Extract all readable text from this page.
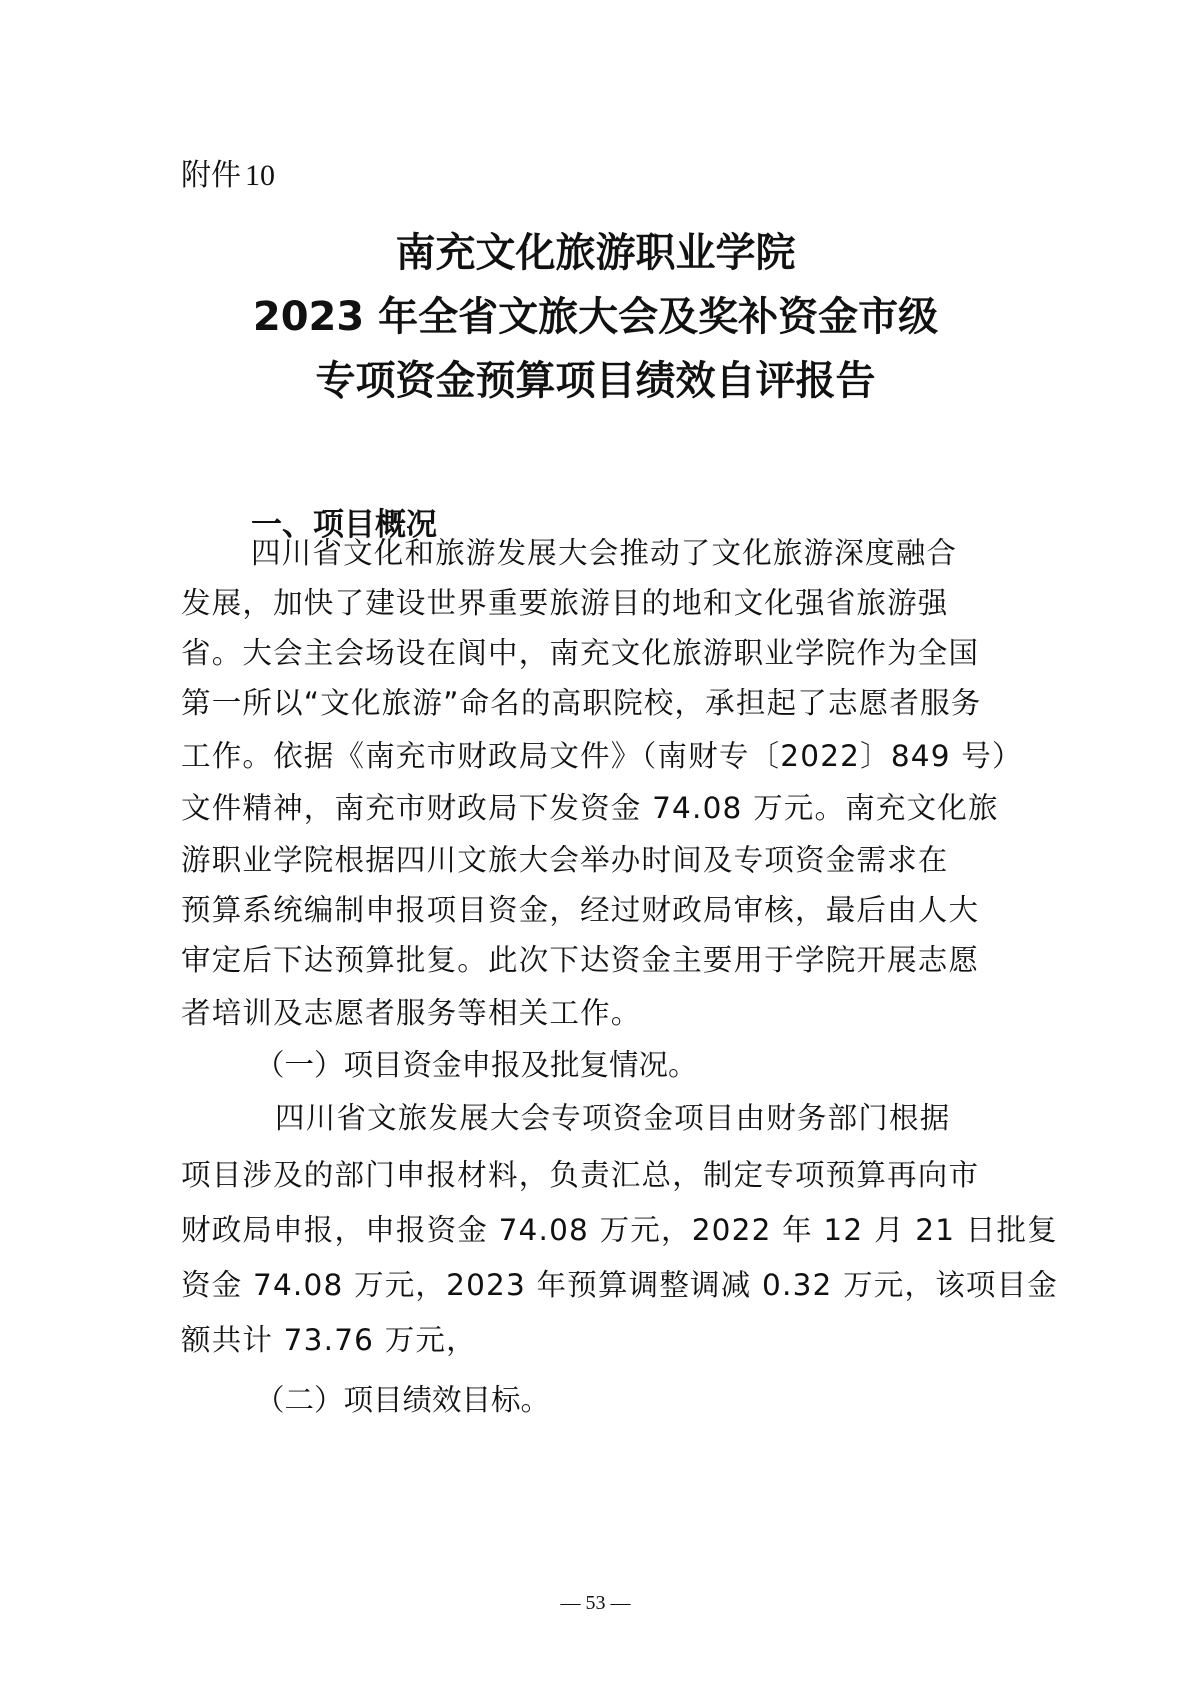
附件 10
南充文化旅游职业学院
2023 年全省文旅大会及奖补资金市级
专项资金预算项目绩效自评报告
一、项目概况
四川省文化和旅游发展大会推动了文化旅游深度融合
发展，加快了建设世界重要旅游目的地和文化强省旅游强
省。大会主会场设在阆中，南充文化旅游职业学院作为全国
第一所以“文化旅游”命名的高职院校，承担起了志愿者服务
工作。依据《南充市财政局文件》（南财专〔2022〕849 号）
文件精神，南充市财政局下发资金 74.08 万元。南充文化旅
游职业学院根据四川文旅大会举办时间及专项资金需求在
预算系统编制申报项目资金，经过财政局审核，最后由人大
审定后下达预算批复。此次下达资金主要用于学院开展志愿
者培训及志愿者服务等相关工作。
（一）项目资金申报及批复情况。
四川省文旅发展大会专项资金项目由财务部门根据
项目涉及的部门申报材料，负责汇总，制定专项预算再向市
财政局申报，申报资金 74.08 万元，2022 年 12 月 21 日批复
资金 74.08 万元，2023 年预算调整调减 0.32 万元，该项目金
额共计 73.76 万元，
（二）项目绩效目标。
— 53 —
